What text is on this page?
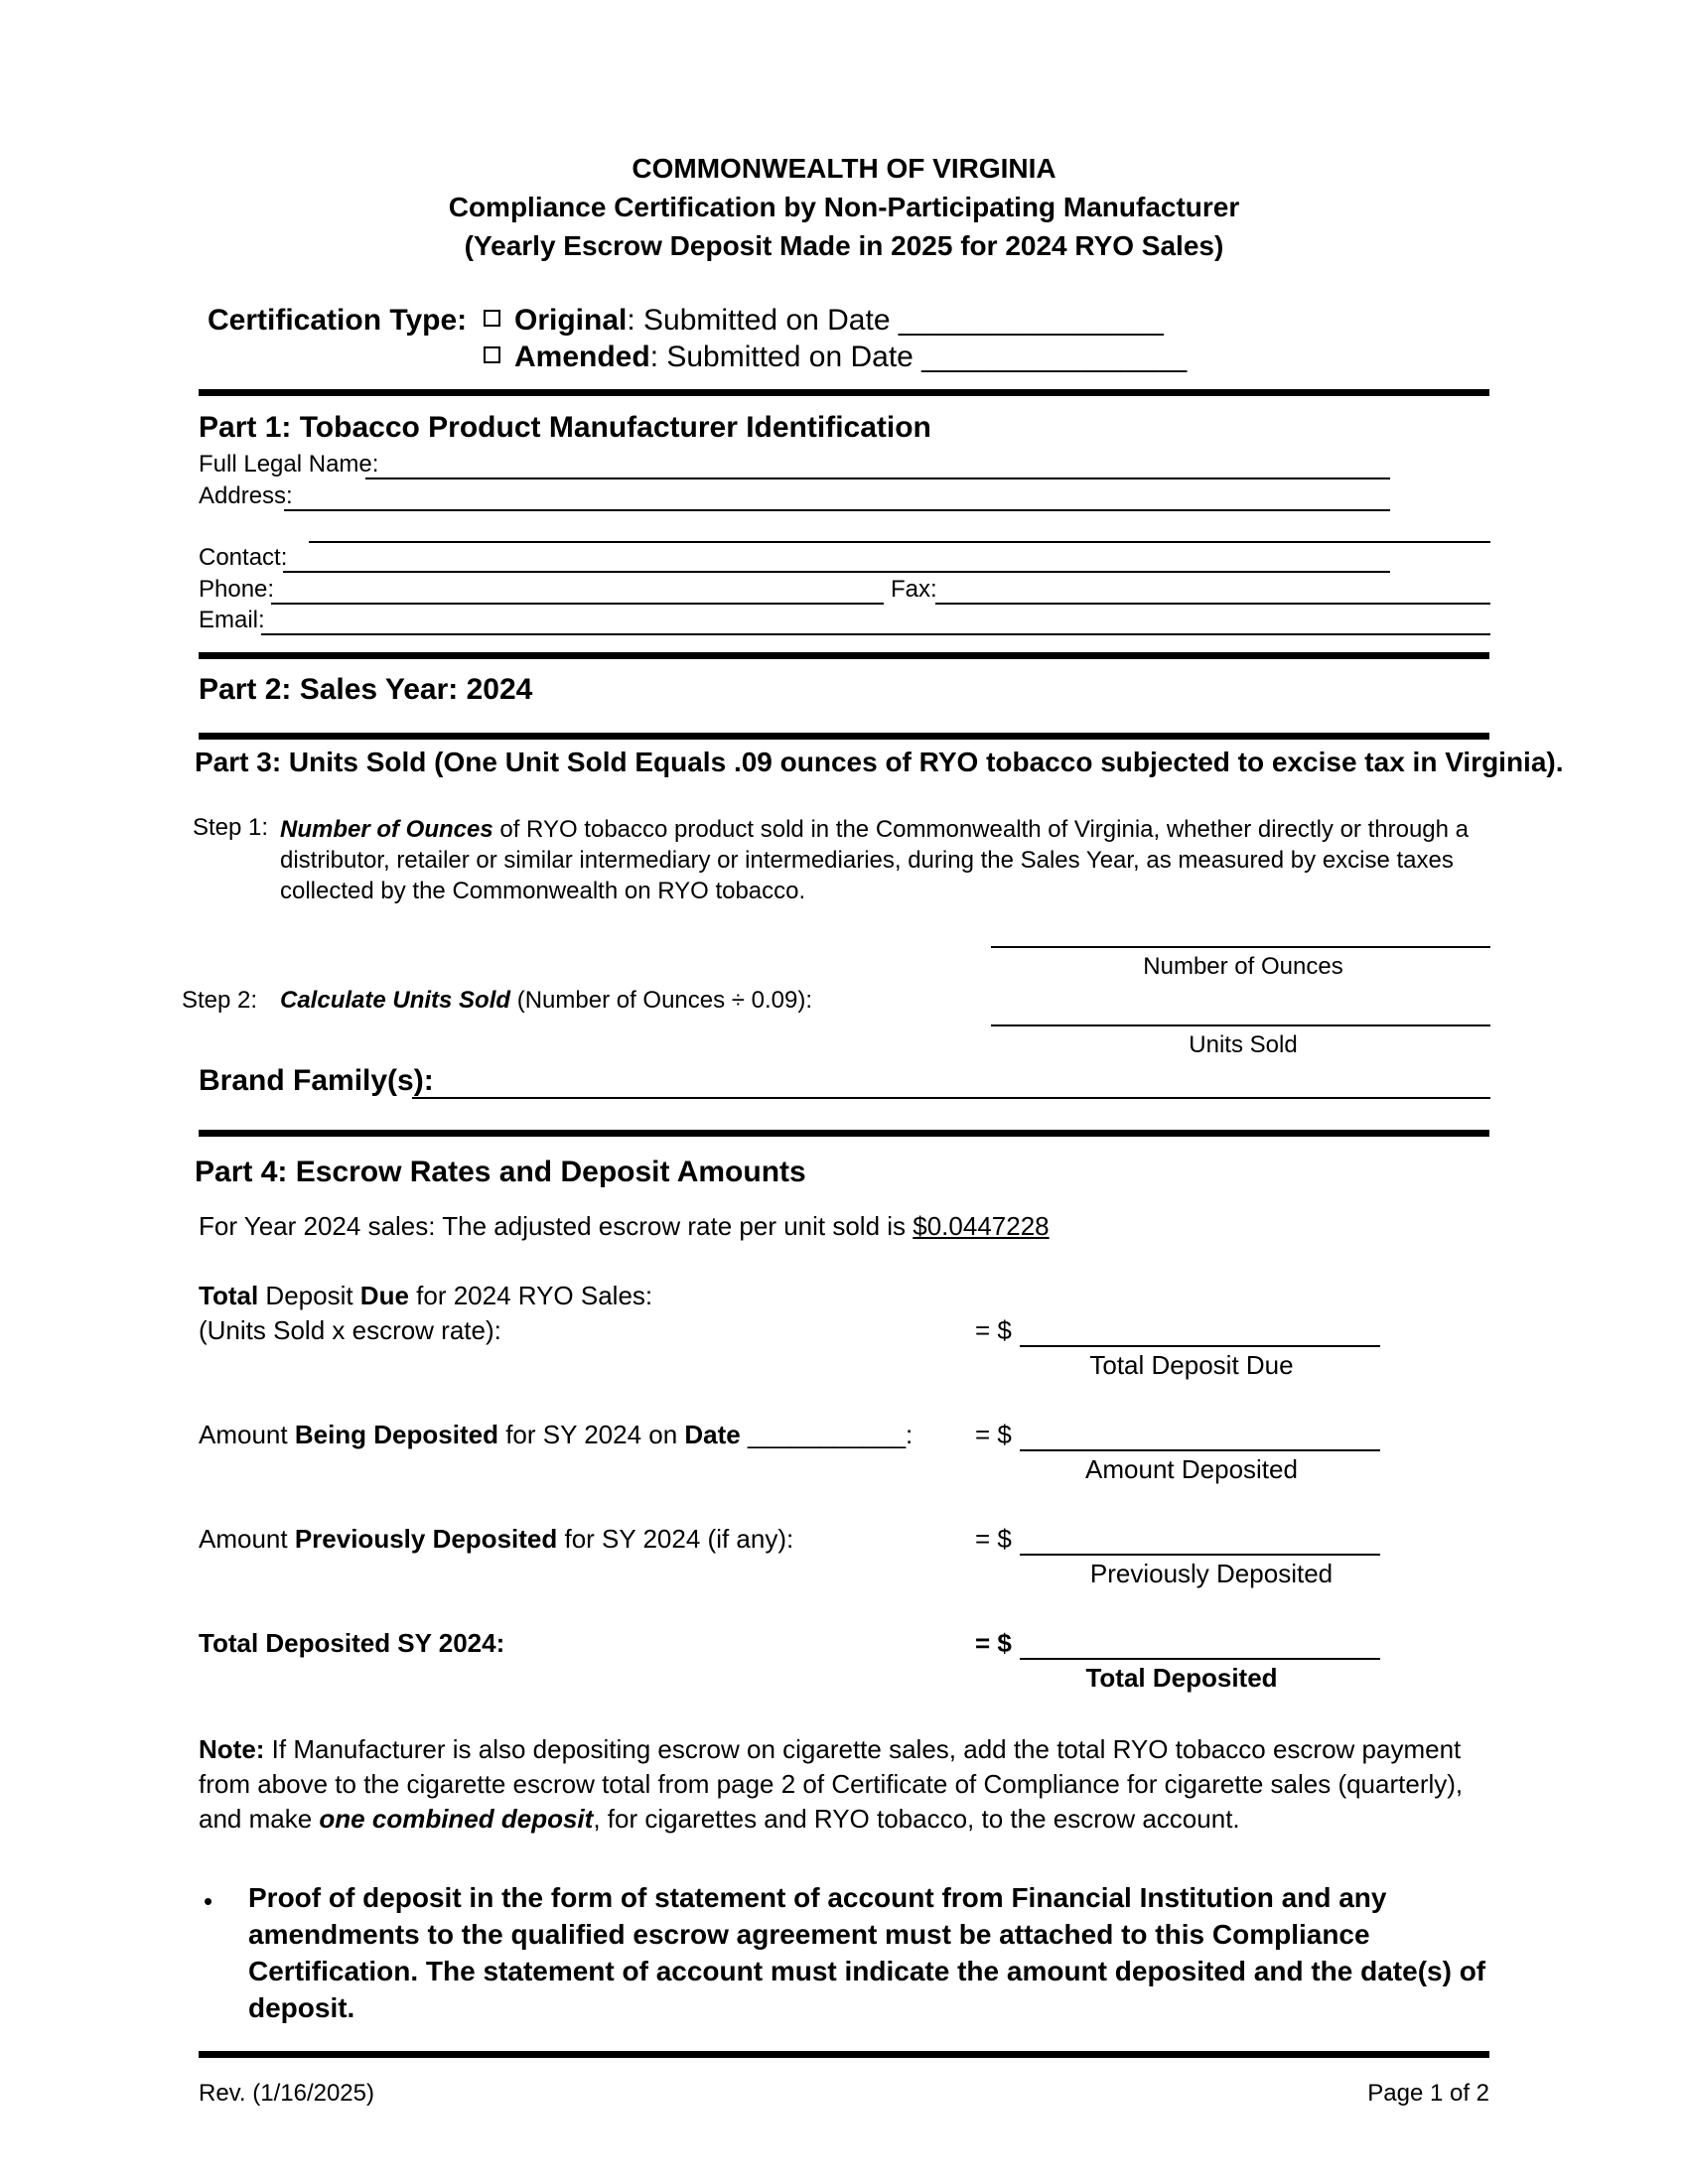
COMMONWEALTH OF VIRGINIA
Compliance Certification by Non-Participating Manufacturer
(Yearly Escrow Deposit Made in 2025 for 2024 RYO Sales)
Certification Type:	Original: Submitted on Date ________________
Amended: Submitted on Date ________________
Part 1: Tobacco Product Manufacturer Identification
Full Legal Name:
Address:
Contact:
Phone:	Fax:
Email:
Part 2: Sales Year: 2024
Part 3: Units Sold (One Unit Sold Equals .09 ounces of RYO tobacco subjected to excise tax in Virginia).
Step 1: Number of Ounces of RYO tobacco product sold in the Commonwealth of Virginia, whether directly or through a distributor, retailer or similar intermediary or intermediaries, during the Sales Year, as measured by excise taxes collected by the Commonwealth on RYO tobacco.
Number of Ounces
Step 2: Calculate Units Sold (Number of Ounces ÷ 0.09):
Units Sold
Brand Family(s):
Part 4: Escrow Rates and Deposit Amounts
For Year 2024 sales: The adjusted escrow rate per unit sold is $0.0447228
Total Deposit Due for 2024 RYO Sales:
(Units Sold x escrow rate):	= $
Total Deposit Due
Amount Being Deposited for SY 2024 on Date ___________: = $
Amount Deposited
Amount Previously Deposited for SY 2024 (if any):	= $
Previously Deposited
Total Deposited SY 2024:	= $
Total Deposited
Note: If Manufacturer is also depositing escrow on cigarette sales, add the total RYO tobacco escrow payment from above to the cigarette escrow total from page 2 of Certificate of Compliance for cigarette sales (quarterly), and make one combined deposit, for cigarettes and RYO tobacco, to the escrow account.
• Proof of deposit in the form of statement of account from Financial Institution and any amendments to the qualified escrow agreement must be attached to this Compliance Certification. The statement of account must indicate the amount deposited and the date(s) of deposit.
Rev. (1/16/2025)	Page 1 of 2
